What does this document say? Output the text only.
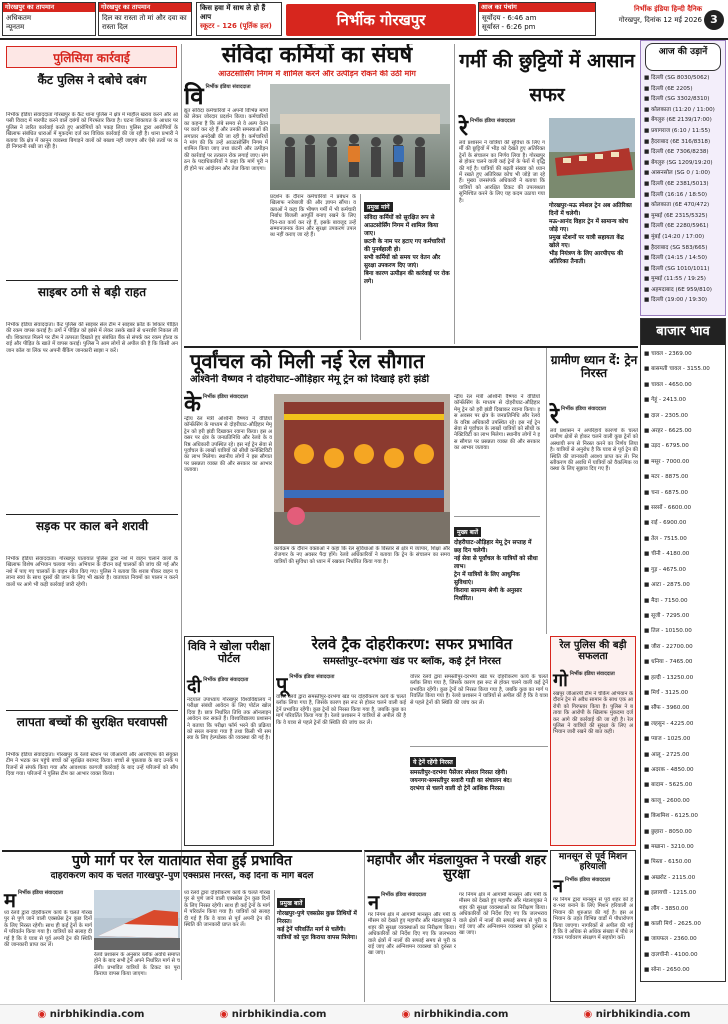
गोरखपुर का तापमान
अधिकतम
न्यूनतम
गोरखपुर का तापमान
दिल का रास्ता तो मां और दवा का रास्ता दिल
किस हवा में साथ ले हो हैं आप
स्कूटर - 126 (पूर्तिक हल)	निर्भीक गोरखपुर
आज का पंचांग
सूर्योदय - 6:46 am
सूर्यास्त - 6:26 pm
निर्भीक इंडिया हिन्दी दैनिक
गोरखपुर, दिनांक 12 मई 2026 3
पुलिसिया कार्रवाई
कैंट पुलिस ने दबोचे दबंग
निर्भीक इंडिया संवाददाता गोरखपुर के कैंट थाना पुलिस ने क्षेत्र में माहौल खराब करने और आपसी विवाद में मारपीट करने वाले दबंगों को गिरफ्तार किया है। घटना शिकायत के आधार पर पुलिस ने त्वरित कार्रवाई करते हुए आरोपियों को पकड़ लिया। पुलिस द्वारा आरोपियों के खिलाफ संबंधित धाराओं में मुकदमा दर्ज कर विधिक कार्रवाई की जा रही है। थाना प्रभारी ने बताया कि क्षेत्र में कानून व्यवस्था बिगाड़ने वालों को बख्शा नहीं जाएगा और ऐसे तत्वों पर कड़ी निगरानी रखी जा रही है।
साइबर ठगी से बड़ी राहत
निर्भीक इंडिया संवाददाता। कैंट पुलिस की साइबर सेल टीम ने साइबर फ्रॉड के शिकार पीड़ित की रकम वापस कराई है। ठगों ने पीड़ित को झांसे में लेकर उसके खाते से धनराशि निकाल ली थी। शिकायत मिलने पर टीम ने तत्परता दिखाते हुए संबंधित बैंक से संपर्क कर रकम होल्ड कराई और पीड़ित के खाते में वापस कराई। पुलिस ने आम लोगों से अपील की है कि किसी अनजान कॉल या लिंक पर अपनी बैंकिंग जानकारी साझा न करें।
सड़क पर काल बने शरावी
निर्भीक इंडिया संवाददाता। गोरखपुर यातायात पुलिस द्वारा नशे में वाहन चलाने वालों के खिलाफ विशेष अभियान चलाया गया। अभियान के दौरान कई चालकों की जांच की गई और नशे में पाए गए चालकों के वाहन सीज किए गए। पुलिस ने बताया कि शराब पीकर वाहन चलाना स्वयं के साथ दूसरों की जान के लिए भी खतरा है। यातायात नियमों का पालन न करने वालों पर आगे भी कड़ी कार्रवाई जारी रहेगी।
लापता बच्चों की सुरक्षित घरवापसी
निर्भीक इंडिया संवाददाता। गोरखपुर के रेलवे स्टेशन पर जीआरपी और आरपीएफ की संयुक्त टीम ने भटक कर पहुंचे बच्चों को सुरक्षित बरामद किया। बच्चों से पूछताछ के बाद उनके परिजनों से संपर्क किया गया और आवश्यक कागजी कार्रवाई के बाद उन्हें परिजनों को सौंप दिया गया। परिजनों ने पुलिस टीम का आभार व्यक्त किया।
संविदा कर्मियों का संघर्ष
आउटसोर्सिंग निगम में शामिल करने और उत्पीड़न रोकने की उठी मांग
वि निर्भीक इंडिया संवाददाता
द्युत संविदा कर्मचारियों ने अपनी विभिन्न मांगों को लेकर जोरदार प्रदर्शन किया। कर्मचारियों का कहना है कि लंबे समय से वे अल्प वेतन पर कार्य कर रहे हैं और उनकी समस्याओं की लगातार अनदेखी की जा रही है। कर्मचारियों ने मांग की कि उन्हें आउटसोर्सिंग निगम में शामिल किया जाए तथा छंटनी और उत्पीड़न की कार्रवाई पर तत्काल रोक लगाई जाए। संगठन के पदाधिकारियों ने कहा कि मांगें पूरी नहीं होने पर आंदोलन और तेज किया जाएगा।
प्रदर्शन के दौरान कर्मचारियों ने प्रबंधन के खिलाफ नारेबाजी की और ज्ञापन सौंपा। वक्ताओं ने कहा कि भीषण गर्मी में भी कर्मचारी निर्बाध बिजली आपूर्ति बनाए रखने के लिए दिन-रात कार्य कर रहे हैं, इसके बावजूद उन्हें सम्मानजनक वेतन और सुरक्षा उपकरण उपलब्ध नहीं कराए जा रहे हैं।
प्रमुख मांगें
संविदा कर्मियों को सुरक्षित रूप से आउटसोर्सिंग निगम में शामिल किया जाए।
छटनी के नाम पर हटाए गए कर्मचारियों की पुनर्बहाली हो।
सभी कर्मियों को समय पर वेतन और सुरक्षा उपकरण दिए जाएं।
बिना कारण उत्पीड़न की कार्रवाई पर रोक लगे।
गर्मी की छुट्टियों में आसान सफर
रे निर्भीक इंडिया संवाददाता
लवे प्रशासन ने यात्रियों की सुविधा के लिए गर्मी की छुट्टियों में भीड़ को देखते हुए अतिरिक्त ट्रेनों के संचालन का निर्णय लिया है। गोरखपुर से होकर चलने वाली कई ट्रेनों के फेरों में वृद्धि की गई है। यात्रियों की बढ़ती संख्या को ध्यान में रखते हुए अतिरिक्त कोच भी जोड़े जा रहे हैं। मुख्य जनसंपर्क अधिकारी ने बताया कि यात्रियों को आरक्षित टिकट की उपलब्धता सुनिश्चित करने के लिए यह कदम उठाया गया है।
गोरखपुर-मऊ स्पेशल ट्रेन अब अतिरिक्त दिनों में चलेगी।
मऊ-आनंद विहार ट्रेन में सामान्य कोच जोड़े गए।
प्रमुख स्टेशनों पर यात्री सहायता केंद्र खोले गए।
भीड़ नियंत्रण के लिए आरपीएफ की अतिरिक्त तैनाती।
आज की उड़ानें
■ दिल्ली (SG 8030/5062)
■ दिल्ली (6E 2205)
■ दिल्ली (SG 3302/8310)
■ कोलकाता (11:20 / 11:00)
■ बेंगलुरु (6E 2139/17:00)
■ प्रयागराज (6:10 / 11:55)
■ हैदराबाद (6E 316/8318)
■ दिल्ली (6E 7306/8238)
■ बेंगलुरु (SG 1209/19:20)
■ आसनसोल (SG 0 / 1:00)
■ दिल्ली (6E 2381/5013)
■ दिल्ली (16:16 / 18:50)
■ कोलकाता (6E 470/472)
■ मुम्बई (6E 2315/5325)
■ दिल्ली (6E 2280/5961)
■ मुंबई (14:20 / 17:00)
■ हैदराबाद (SG 583/665)
■ दिल्ली (14:15 / 14:50)
■ दिल्ली (SG 1010/1011)
■ मुम्बई (11:55 / 19:25)
■ अहमदाबाद (6E 959/810)
■ दिल्ली (19:00 / 19:30)
बाजार भाव
■ चावल - 2369.00
■ बासमती चावल - 3155.00
■ चावल - 4650.00
■ गेहूं - 2413.00
■ दाल - 2305.00
■ अरहर - 6625.00
■ उड़द - 6795.00
■ मसूर - 7000.00
■ मटर - 8875.00
■ चना - 6875.00
■ सरसों - 6600.00
■ राई - 6900.00
■ तेल - 7515.00
■ चीनी - 4180.00
■ गुड़ - 4675.00
■ आटा - 2875.00
■ मैदा - 7150.00
■ सूजी - 7295.00
■ तिल - 10150.00
■ जीरा - 22700.00
■ धनिया - 7465.00
■ हल्दी - 13250.00
■ मिर्च - 3125.00
■ सौंफ - 3960.00
■ लहसुन - 4225.00
■ प्याज - 1025.00
■ आलू - 2725.00
■ अदरक - 4850.00
■ बादाम - 5625.00
■ काजू - 2600.00
■ किशमिश - 6125.00
■ छुहारा - 8050.00
■ मखाना - 3210.00
■ पिस्ता - 6150.00
■ अखरोट - 2115.00
■ इलायची - 1215.00
■ लौंग - 3850.00
■ काली मिर्च - 2625.00
■ जायफल - 2360.00
■ दालचीनी - 4100.00
■ सोना - 2650.00
पूर्वांचल को मिली नई रेल सौगात
अश्विनी वैष्णव ने दोहरीघाट–औड़िहार मेमू ट्रेन को दिखाई हरी झंडी
के निर्भीक इंडिया संवाददाता
न्द्रीय रेल मंत्री अश्विनी वैष्णव ने वीडियो कॉन्फ्रेंसिंग के माध्यम से दोहरीघाट-औड़िहार मेमू ट्रेन को हरी झंडी दिखाकर रवाना किया। इस अवसर पर क्षेत्र के जनप्रतिनिधि और रेलवे के वरिष्ठ अधिकारी उपस्थित रहे। इस नई ट्रेन सेवा से पूर्वांचल के लाखों यात्रियों को सीधी कनेक्टिविटी का लाभ मिलेगा। स्थानीय लोगों ने इस सौगात पर प्रसन्नता व्यक्त की और सरकार का आभार जताया।
कार्यक्रम के दौरान वक्ताओं ने कहा कि रेल सुविधाओं के विस्तार से क्षेत्र में व्यापार, शिक्षा और रोजगार के नए अवसर पैदा होंगे। रेलवे अधिकारियों ने बताया कि ट्रेन के संचालन का समय यात्रियों की सुविधा को ध्यान में रखकर निर्धारित किया गया है।
न्द्रीय रेल मंत्री अश्विनी वैष्णव ने वीडियो कॉन्फ्रेंसिंग के माध्यम से दोहरीघाट-औड़िहार मेमू ट्रेन को हरी झंडी दिखाकर रवाना किया। इस अवसर पर क्षेत्र के जनप्रतिनिधि और रेलवे के वरिष्ठ अधिकारी उपस्थित रहे। इस नई ट्रेन सेवा से पूर्वांचल के लाखों यात्रियों को सीधी कनेक्टिविटी का लाभ मिलेगा। स्थानीय लोगों ने इस सौगात पर प्रसन्नता व्यक्त की और सरकार का आभार जताया।
मुख्य बातें
दोहरीघाट-औड़िहार मेमू ट्रेन सप्ताह में छह दिन चलेगी।
नई सेवा से पूर्वांचल के यात्रियों को सीधा लाभ।
ट्रेन में यात्रियों के लिए आधुनिक सुविधाएं।
किराया सामान्य श्रेणी के अनुसार निर्धारित।
ग्रामीण ध्यान दें: ट्रेन निरस्त
रे निर्भीक इंडिया संवाददाता
लवे प्रशासन ने अपरिहार्य कारणों के चलते ग्रामीण क्षेत्रों से होकर चलने वाली कुछ ट्रेनों को अस्थायी रूप से निरस्त करने का निर्णय लिया है। यात्रियों से अनुरोध है कि यात्रा से पूर्व ट्रेन की स्थिति की जानकारी अवश्य प्राप्त कर लें। निरस्तीकरण की अवधि में यात्रियों को वैकल्पिक व्यवस्था के लिए सुझाव दिए गए हैं।
विवि ने खोला परीक्षा पोर्टल
दी निर्भीक इंडिया संवाददाता
नदयाल उपाध्याय गोरखपुर विश्वविद्यालय ने परीक्षा संबंधी आवेदन के लिए पोर्टल खोल दिया है। छात्र निर्धारित तिथि तक ऑनलाइन आवेदन कर सकते हैं। विश्वविद्यालय प्रशासन ने बताया कि परीक्षा फॉर्म भरने की प्रक्रिया को सरल बनाया गया है तथा किसी भी समस्या के लिए हेल्पडेस्क की व्यवस्था की गई है।
रेलवे ट्रैक दोहरीकरण: सफर प्रभावित
समस्तीपुर–दरभंगा खंड पर ब्लॉक, कई ट्रेनें निरस्त
पू निर्भीक इंडिया संवाददाता
र्वोत्तर रेलवे द्वारा समस्तीपुर-दरभंगा खंड पर दोहरीकरण कार्य के चलते ब्लॉक लिया गया है, जिसके कारण इस रूट से होकर चलने वाली कई ट्रेनें प्रभावित रहेंगी। कुछ ट्रेनों को निरस्त किया गया है, जबकि कुछ का मार्ग परिवर्तित किया गया है। रेलवे प्रशासन ने यात्रियों से अपील की है कि वे यात्रा से पहले ट्रेनों की स्थिति की जांच कर लें।
र्वोत्तर रेलवे द्वारा समस्तीपुर-दरभंगा खंड पर दोहरीकरण कार्य के चलते ब्लॉक लिया गया है, जिसके कारण इस रूट से होकर चलने वाली कई ट्रेनें प्रभावित रहेंगी। कुछ ट्रेनों को निरस्त किया गया है, जबकि कुछ का मार्ग परिवर्तित किया गया है। रेलवे प्रशासन ने यात्रियों से अपील की है कि वे यात्रा से पहले ट्रेनों की स्थिति की जांच कर लें।
ये ट्रेनें रहेंगी निरस्त
समस्तीपुर-दरभंगा पैसेंजर स्पेशल निरस्त रहेगी।
जयनगर-समस्तीपुर सवारी गाड़ी का संचालन बंद।
दरभंगा से चलने वाली दो ट्रेनें आंशिक निरस्त।
रेल पुलिस की बड़ी सफलता
गो निर्भीक इंडिया संवाददाता
रखपुर जीआरपी टीम ने चेकिंग अभियान के दौरान ट्रेन से अवैध सामान के साथ एक आरोपी को गिरफ्तार किया है। पुलिस ने बताया कि आरोपी के खिलाफ मुकदमा दर्ज कर आगे की कार्रवाई की जा रही है। रेल पुलिस ने यात्रियों की सुरक्षा के लिए अभियान जारी रखने की बात कही।
पुणे मार्ग पर रेल यातायात सेवा हुई प्रभावित
दोहरीकरण कार्य के चलते गोरखपुर–पुणे एक्सप्रेस निरस्त, कई दिनों के मार्ग बदले
म निर्भीक इंडिया संवाददाता
ध्य रेलवे द्वारा दोहरीकरण कार्य के चलते गोरखपुर से पुणे जाने वाली एक्सप्रेस ट्रेन कुछ दिनों के लिए निरस्त रहेगी। साथ ही कई ट्रेनों के मार्ग में परिवर्तन किया गया है। यात्रियों को सलाह दी गई है कि वे यात्रा से पूर्व अपनी ट्रेन की स्थिति की जानकारी प्राप्त कर लें।
रेलवे प्रशासन के अनुसार ब्लॉक अवधि समाप्त होने के बाद सभी ट्रेनें अपने निर्धारित मार्ग से चलेंगी। प्रभावित यात्रियों के टिकट का पूरा किराया वापस किया जाएगा।
ध्य रेलवे द्वारा दोहरीकरण कार्य के चलते गोरखपुर से पुणे जाने वाली एक्सप्रेस ट्रेन कुछ दिनों के लिए निरस्त रहेगी। साथ ही कई ट्रेनों के मार्ग में परिवर्तन किया गया है। यात्रियों को सलाह दी गई है कि वे यात्रा से पूर्व अपनी ट्रेन की स्थिति की जानकारी प्राप्त कर लें।
प्रमुख बातें
गोरखपुर-पुणे एक्सप्रेस कुछ तिथियों में निरस्त।
कई ट्रेनें परिवर्तित मार्ग से चलेंगी।
यात्रियों को पूरा किराया वापस मिलेगा।
महापौर और मंडलायुक्त ने परखी शहर सुरक्षा
न निर्भीक इंडिया संवाददाता
गर निगम क्षेत्र में आगामी मानसून और गर्मी के मौसम को देखते हुए महापौर और मंडलायुक्त ने शहर की सुरक्षा व्यवस्थाओं का निरीक्षण किया। अधिकारियों को निर्देश दिए गए कि जलभराव वाले क्षेत्रों में नालों की सफाई समय से पूरी कराई जाए और अग्निशमन व्यवस्था को दुरुस्त रखा जाए।
गर निगम क्षेत्र में आगामी मानसून और गर्मी के मौसम को देखते हुए महापौर और मंडलायुक्त ने शहर की सुरक्षा व्यवस्थाओं का निरीक्षण किया। अधिकारियों को निर्देश दिए गए कि जलभराव वाले क्षेत्रों में नालों की सफाई समय से पूरी कराई जाए और अग्निशमन व्यवस्था को दुरुस्त रखा जाए।
मानसून से पूर्व मिशन हरियाली
न निर्भीक इंडिया संवाददाता
गर निगम द्वारा मानसून से पूर्व शहर को हरा-भरा बनाने के लिए मिशन हरियाली अभियान की शुरुआत की गई है। इस अभियान के तहत विभिन्न वार्डों में पौधारोपण किया जाएगा। नागरिकों से अपील की गई है कि वे अधिक से अधिक संख्या में पौधे लगाकर पर्यावरण संरक्षण में सहयोग करें।
◉ nirbhikindia.com	◉ nirbhikindia.com	◉ nirbhikindia.com	◉ nirbhikindia.com
